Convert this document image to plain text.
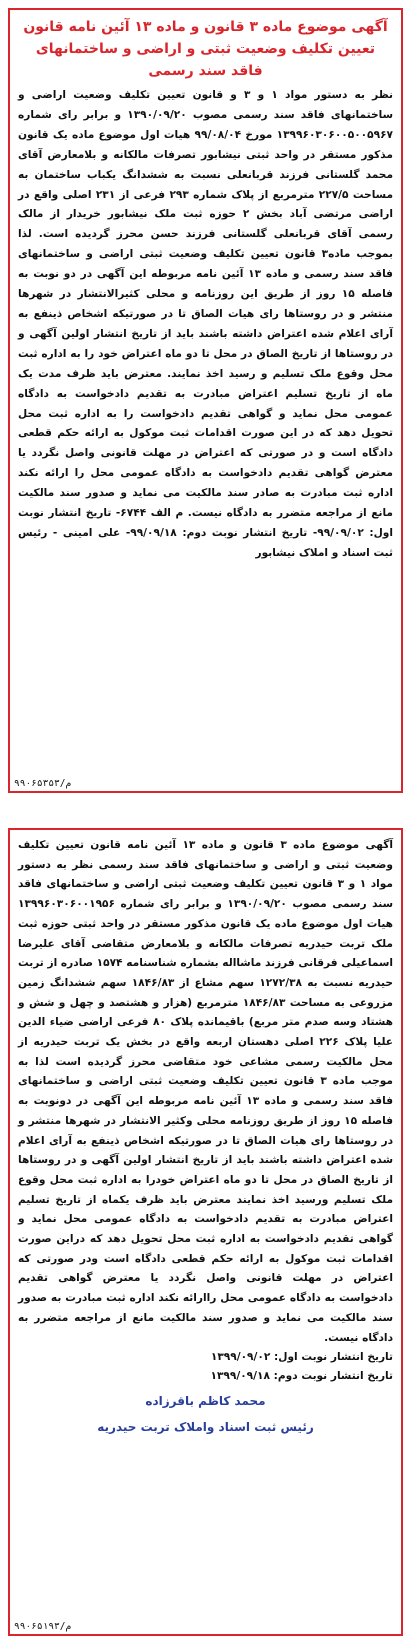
آگهی موضوع ماده ۳ قانون و ماده ۱۳ آئین نامه قانون تعیین تکلیف وضعیت ثبتی و اراضی و ساختمانهای فاقد سند رسمی

نظر به دستور مواد ۱ و ۳ و قانون تعیین تکلیف وضعیت اراضی و ساختمانهای فاقد سند رسمی مصوب ۱۳۹۰/۰۹/۲۰ و برابر رای شماره ۱۳۹۹۶۰۳۰۶۰۰۵۰۰۵۹۶۷ مورخ ۹۹/۰۸/۰۴ هیات اول موضوع ماده یک قانون مذکور مستقر در واحد ثبتی نیشابور تصرفات مالکانه و بلامعارض آقای محمد گلستانی فرزند قربانعلی نسبت به ششدانگ یکباب ساختمان به مساحت ۲۲۷/۵ مترمربع از پلاک شماره ۲۹۳ فرعی از ۲۳۱ اصلی واقع در اراضی مرتضی آباد بخش ۲ حوزه ثبت ملک نیشابور خریدار از مالک رسمی آقای قربانعلی گلستانی فرزند حسن محرز گردیده است. لذا بموجب ماده۳ قانون تعیین تکلیف وضعیت ثبتی اراضی و ساختمانهای فاقد سند رسمی و ماده ۱۳ آئین نامه مربوطه این آگهی در دو نوبت به فاصله ۱۵ روز از طریق این روزنامه و محلی کثیرالانتشار در شهرها منتشر و در روستاها رای هیات الصاق تا در صورتیکه اشخاص ذینفع به آرای اعلام شده اعتراض داشته باشند باید از تاریخ انتشار اولین آگهی و در روستاها از تاریخ الصاق در محل تا دو ماه اعتراض خود را به اداره ثبت محل وقوع ملک تسلیم و رسید اخذ نمایند. معترض باید ظرف مدت یک ماه از تاریخ تسلیم اعتراض مبادرت به تقدیم دادخواست به دادگاه عمومی محل نماید و گواهی تقدیم دادخواست را به اداره ثبت محل تحویل دهد که در این صورت اقدامات ثبت موکول به ارائه حکم قطعی دادگاه است و در صورتی که اعتراض در مهلت قانونی واصل نگردد یا معترض گواهی تقدیم دادخواست به دادگاه عمومی محل را ارائه نکند اداره ثبت مبادرت به صادر سند مالکیت می نماید و صدور سند مالکیت مانع از مراجعه متضرر به دادگاه نیست. م الف ۶۷۴۴- تاریخ انتشار نوبت اول: ۹۹/۰۹/۰۲- تاریخ انتشار نوبت دوم: ۹۹/۰۹/۱۸- علی امینی - رئیس ثبت اسناد و املاک نیشابور

م/۹۹۰۶۵۳۵۳

آگهی موضوع ماده ۳ قانون و ماده ۱۳ آئین نامه قانون تعیین تکلیف وضعیت ثبتی و اراضی و ساختمانهای فاقد سند رسمی نظر به دستور مواد ۱ و ۳ قانون تعیین تکلیف وضعیت ثبتی اراضی و ساختمانهای فاقد سند رسمی مصوب ۱۳۹۰/۰۹/۲۰ و برابر رای شماره ۱۳۹۹۶۰۳۰۶۰۰۱۹۵۶ هیات اول موضوع ماده یک قانون مذکور مستقر در واحد ثبتی حوزه ثبت ملک تربت حیدریه تصرفات مالکانه و بلامعارض متقاضی آقای علیرضا اسماعیلی فرقانی فرزند ماشااله بشماره شناسنامه ۱۵۷۴ صادره از تربت حیدریه نسبت به ۱۲۷۲/۳۸ سهم مشاع از ۱۸۴۶/۸۳ سهم ششدانگ زمین مزروعی به مساحت ۱۸۴۶/۸۳ مترمربع (هزار و هشتصد و چهل و شش و هشتاد وسه صدم متر مربع) باقیمانده پلاک ۸۰ فرعی اراضی ضیاء الدین علیا پلاک ۲۲۶ اصلی دهستان اربعه واقع در بخش یک تربت حیدریه از محل مالکیت رسمی مشاعی خود متقاضی محرز گردیده است لذا به موجب ماده ۳ قانون تعیین تکلیف وضعیت ثبتی اراضی و ساختمانهای فاقد سند رسمی و ماده ۱۳ آئین نامه مربوطه این آگهی در دونوبت به فاصله ۱۵ روز از طریق روزنامه محلی وکثیر الانتشار در شهرها منتشر و در روستاها رای هیات الصاق تا در صورتیکه اشخاص ذینفع به آرای اعلام شده اعتراض داشته باشند باید از تاریخ انتشار اولین آگهی و در روستاها از تاریخ الصاق در محل تا دو ماه اعتراض خودرا به اداره ثبت محل وقوع ملک تسلیم ورسید اخذ نمایند معترض باید ظرف یکماه از تاریخ تسلیم اعتراض مبادرت به تقدیم دادخواست به دادگاه عمومی محل نماید و گواهی تقدیم دادخواست به اداره ثبت محل تحویل دهد که دراین صورت اقدامات ثبت موکول به ارائه حکم قطعی دادگاه است ودر صورتی که اعتراض در مهلت قانونی واصل نگردد یا معترض گواهی تقدیم دادخواست به دادگاه عمومی محل راارائه نکند اداره ثبت مبادرت به صدور سند مالکیت می نماید و صدور سند مالکیت مانع از مراجعه متضرر به دادگاه نیست.

تاریخ انتشار نوبت اول: ۱۳۹۹/۰۹/۰۲

تاریخ انتشار نوبت دوم: ۱۳۹۹/۰۹/۱۸

محمد کاظم باقرزاده
رئیس ثبت اسناد واملاک تربت حیدریه
م/۹۹۰۶۵۱۹۳
